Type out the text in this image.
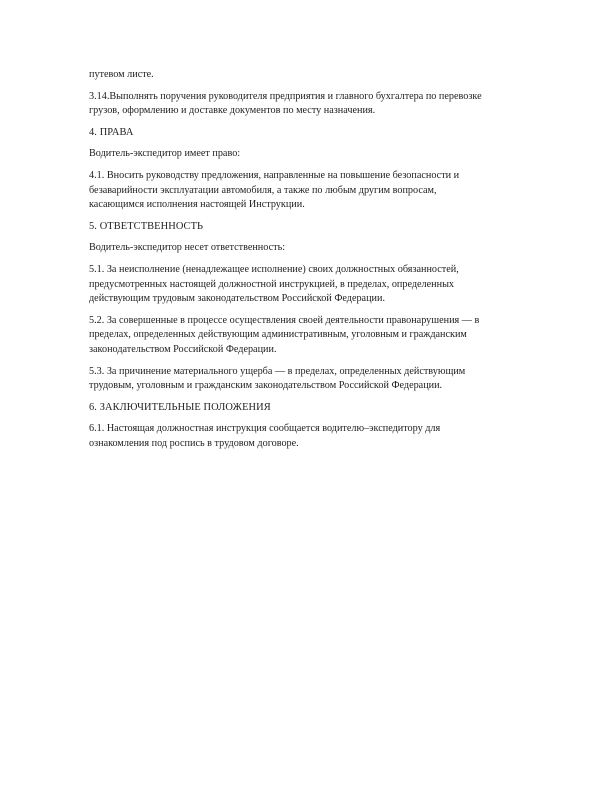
путевом листе.
3.14.Выполнять поручения руководителя предприятия и главного бухгалтера по перевозке
грузов, оформлению и доставке документов по месту назначения.
4. ПРАВА
Водитель-экспедитор имеет право:
4.1. Вносить руководству предложения, направленные на повышение безопасности и
безаварийности эксплуатации автомобиля, а также по любым другим вопросам,
касающимся исполнения настоящей Инструкции.
5. ОТВЕТСТВЕННОСТЬ
Водитель-экспедитор несет ответственность:
5.1. За неисполнение (ненадлежащее исполнение) своих должностных обязанностей,
предусмотренных настоящей должностной инструкцией, в пределах, определенных
действующим трудовым законодательством Российской Федерации.
5.2. За совершенные в процессе осуществления своей деятельности правонарушения — в
пределах, определенных действующим административным, уголовным и гражданским
законодательством Российской Федерации.
5.3. За причинение материального ущерба — в пределах, определенных действующим
трудовым, уголовным и гражданским законодательством Российской Федерации.
6. ЗАКЛЮЧИТЕЛЬНЫЕ ПОЛОЖЕНИЯ
6.1. Настоящая должностная инструкция сообщается водителю–экспедитору для
ознакомления под роспись в трудовом договоре.
